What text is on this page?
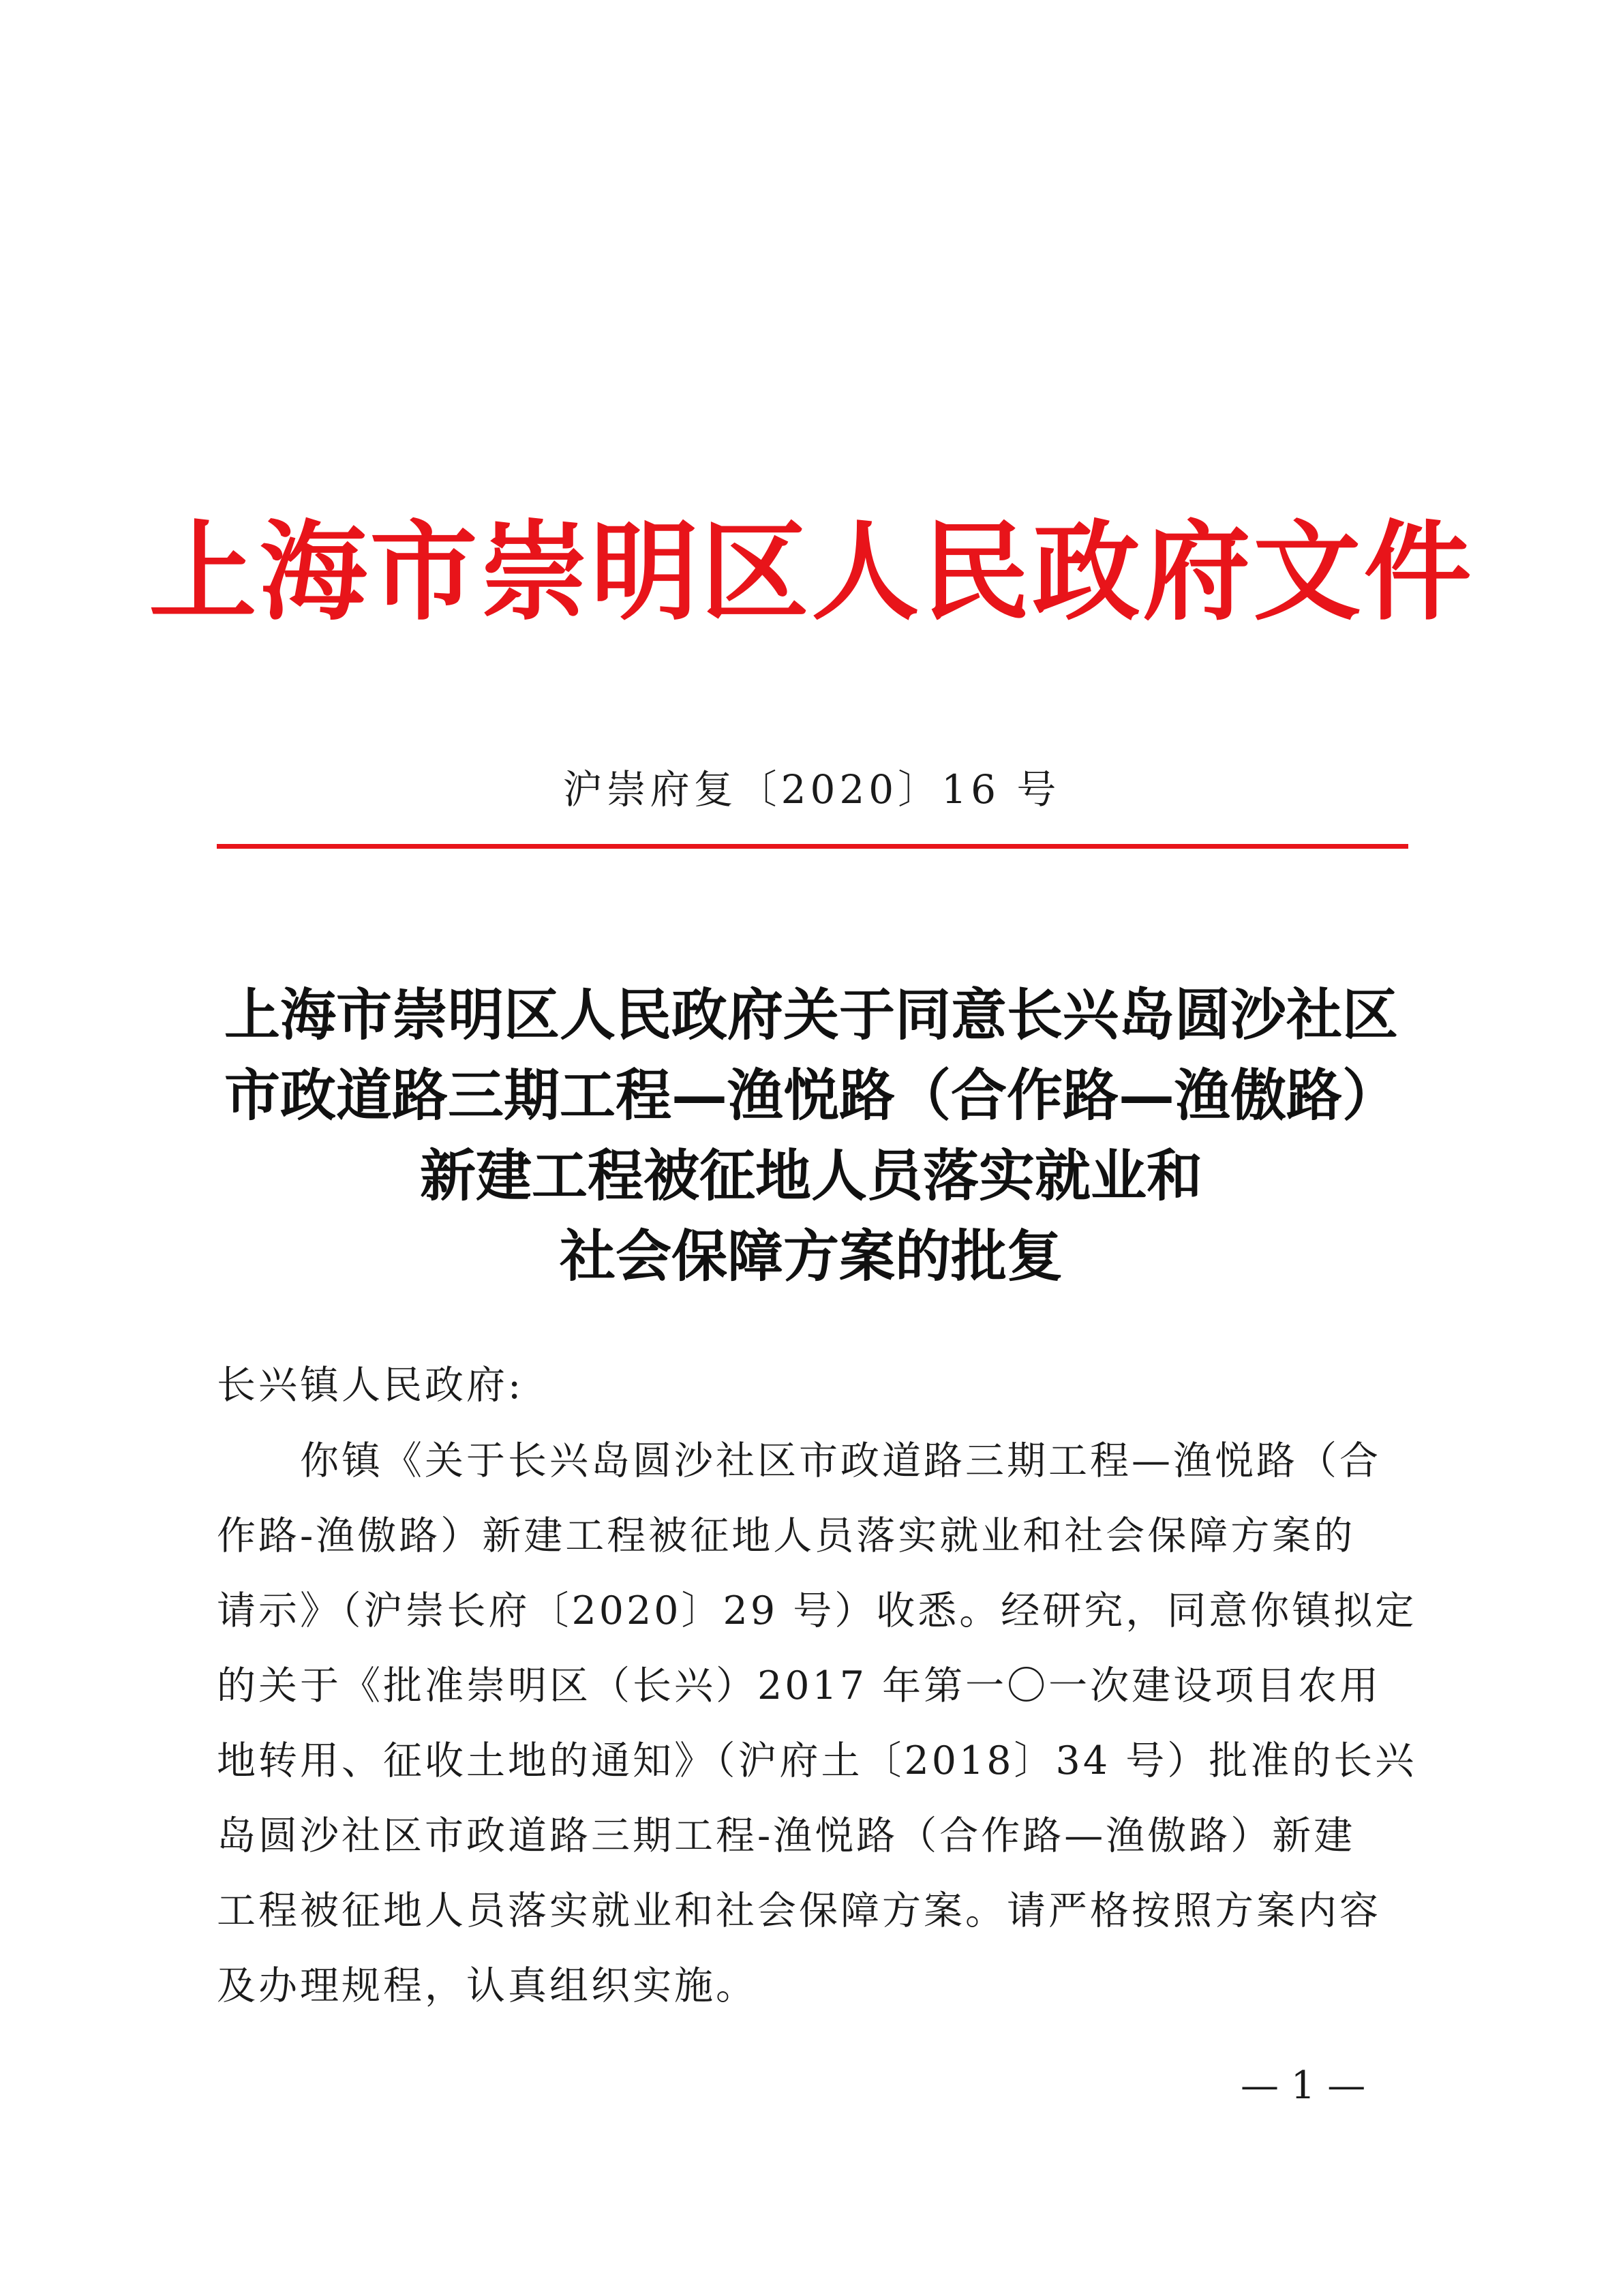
上海市崇明区人民政府文件
沪崇府复〔2020〕16 号
上海市崇明区人民政府关于同意长兴岛圆沙社区
市政道路三期工程—渔悦路（合作路—渔傲路）
新建工程被征地人员落实就业和
社会保障方案的批复
长兴镇人民政府:
你镇《关于长兴岛圆沙社区市政道路三期工程—渔悦路（合
作路-渔傲路）新建工程被征地人员落实就业和社会保障方案的
请示》（沪崇长府〔2020〕29 号）收悉。经研究，同意你镇拟定
的关于《批准崇明区（长兴）2017 年第一〇一次建设项目农用
地转用、征收土地的通知》（沪府土〔2018〕34 号）批准的长兴
岛圆沙社区市政道路三期工程-渔悦路（合作路—渔傲路）新建
工程被征地人员落实就业和社会保障方案。请严格按照方案内容
及办理规程，认真组织实施。
— 1 —
